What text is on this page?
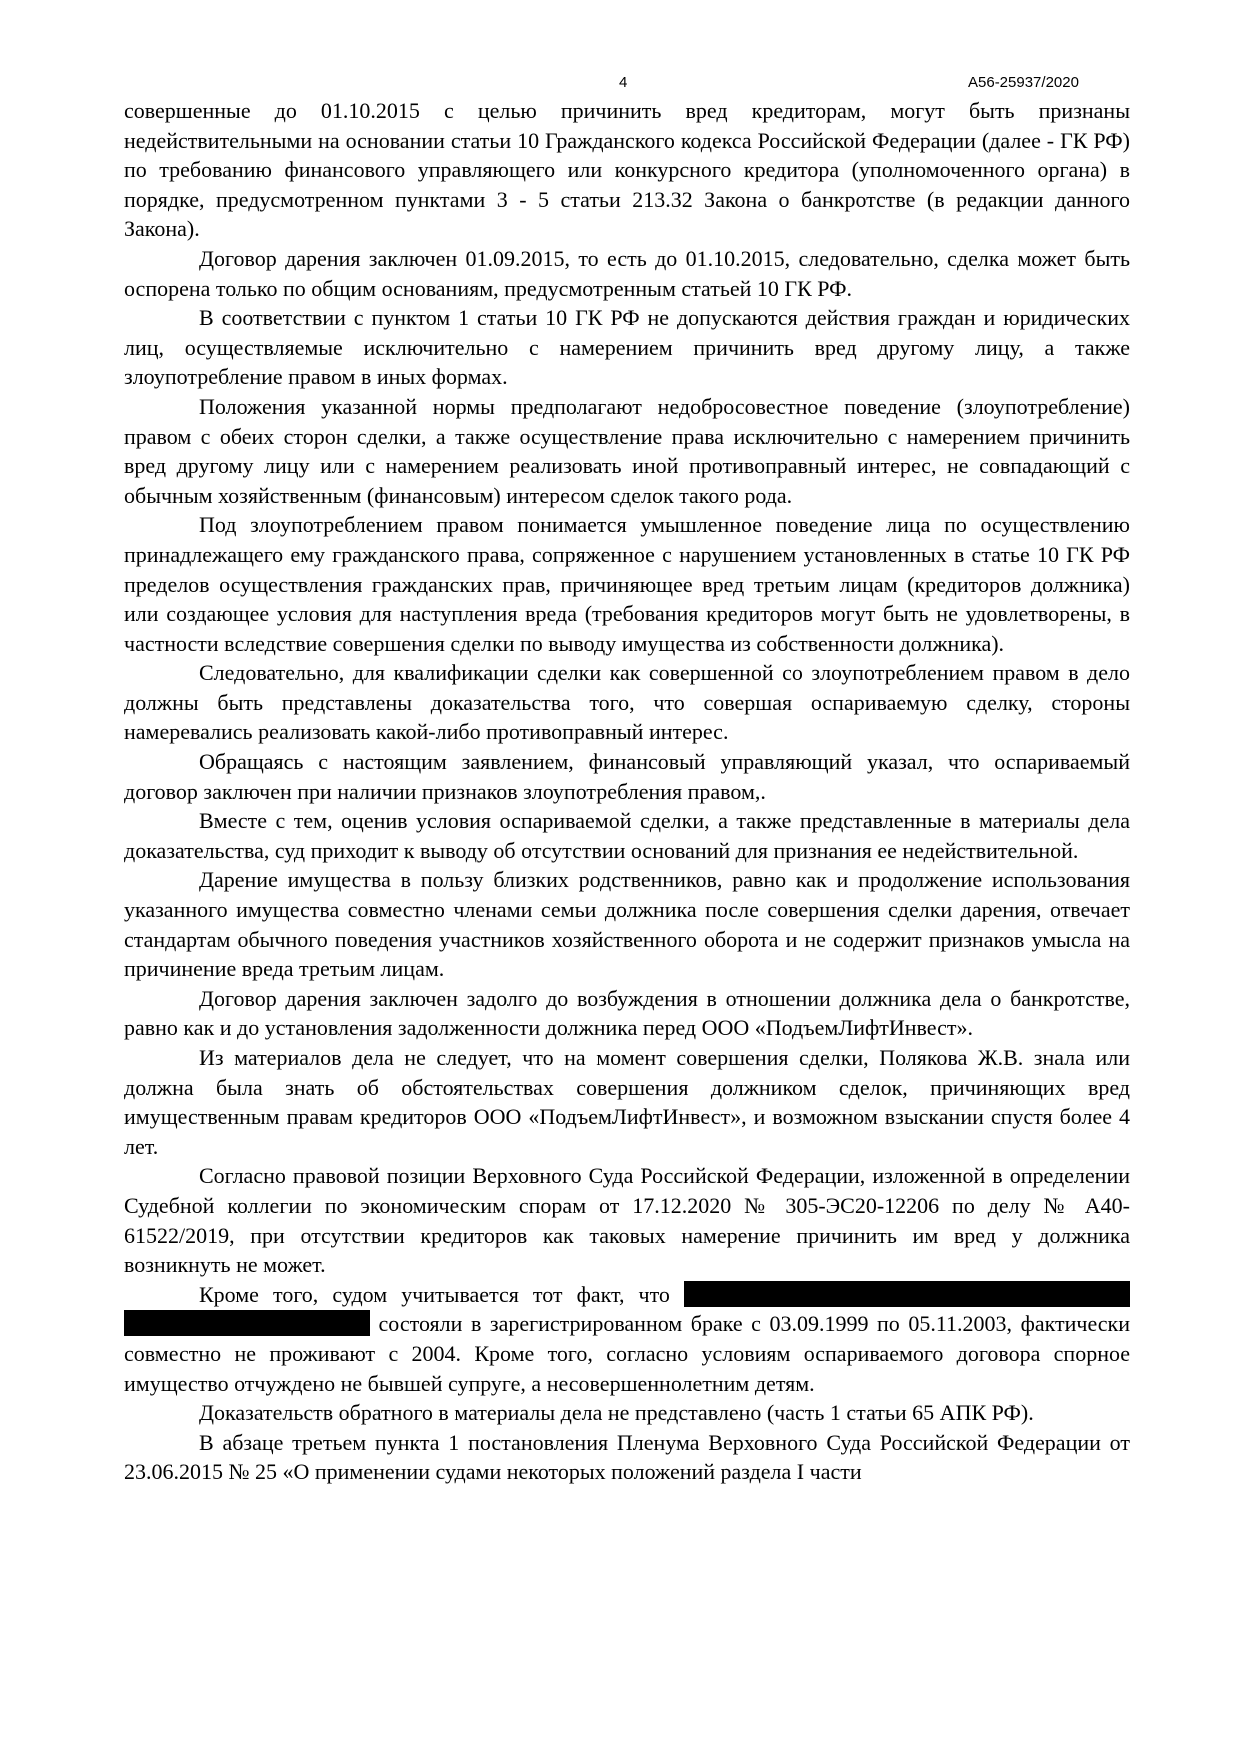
4	А56-25937/2020

совершенные до 01.10.2015 с целью причинить вред кредиторам, могут быть признаны недействительными на основании статьи 10 Гражданского кодекса Российской Федерации (далее - ГК РФ) по требованию финансового управляющего или конкурсного кредитора (уполномоченного органа) в порядке, предусмотренном пунктами 3 - 5 статьи 213.32 Закона о банкротстве (в редакции данного Закона).

Договор дарения заключен 01.09.2015, то есть до 01.10.2015, следовательно, сделка может быть оспорена только по общим основаниям, предусмотренным статьей 10 ГК РФ.

В соответствии с пунктом 1 статьи 10 ГК РФ не допускаются действия граждан и юридических лиц, осуществляемые исключительно с намерением причинить вред другому лицу, а также злоупотребление правом в иных формах.

Положения указанной нормы предполагают недобросовестное поведение (злоупотребление) правом с обеих сторон сделки, а также осуществление права исключительно с намерением причинить вред другому лицу или с намерением реализовать иной противоправный интерес, не совпадающий с обычным хозяйственным (финансовым) интересом сделок такого рода.

Под злоупотреблением правом понимается умышленное поведение лица по осуществлению принадлежащего ему гражданского права, сопряженное с нарушением установленных в статье 10 ГК РФ пределов осуществления гражданских прав, причиняющее вред третьим лицам (кредиторов должника) или создающее условия для наступления вреда (требования кредиторов могут быть не удовлетворены, в частности вследствие совершения сделки по выводу имущества из собственности должника).

Следовательно, для квалификации сделки как совершенной со злоупотреблением правом в дело должны быть представлены доказательства того, что совершая оспариваемую сделку, стороны намеревались реализовать какой-либо противоправный интерес.

Обращаясь с настоящим заявлением, финансовый управляющий указал, что оспариваемый договор заключен при наличии признаков злоупотребления правом,.

Вместе с тем, оценив условия оспариваемой сделки, а также представленные в материалы дела доказательства, суд приходит к выводу об отсутствии оснований для признания ее недействительной.

Дарение имущества в пользу близких родственников, равно как и продолжение использования указанного имущества совместно членами семьи должника после совершения сделки дарения, отвечает стандартам обычного поведения участников хозяйственного оборота и не содержит признаков умысла на причинение вреда третьим лицам.

Договор дарения заключен задолго до возбуждения в отношении должника дела о банкротстве, равно как и до установления задолженности должника перед ООО «ПодъемЛифтИнвест».

Из материалов дела не следует, что на момент совершения сделки, Полякова Ж.В. знала или должна была знать об обстоятельствах совершения должником сделок, причиняющих вред имущественным правам кредиторов ООО «ПодъемЛифтИнвест», и возможном взыскании спустя более 4 лет.

Согласно правовой позиции Верховного Суда Российской Федерации, изложенной в определении Судебной коллегии по экономическим спорам от 17.12.2020 № 305-ЭС20-12206 по делу № А40-61522/2019, при отсутствии кредиторов как таковых намерение причинить им вред у должника возникнуть не может.

Кроме того, судом учитывается тот факт, что   состояли в зарегистрированном браке с 03.09.1999 по 05.11.2003, фактически совместно не проживают с 2004. Кроме того, согласно условиям оспариваемого договора спорное имущество отчуждено не бывшей супруге, а несовершеннолетним детям.

Доказательств обратного в материалы дела не представлено (часть 1 статьи 65 АПК РФ).

В абзаце третьем пункта 1 постановления Пленума Верховного Суда Российской Федерации от 23.06.2015 № 25 «О применении судами некоторых положений раздела I части
